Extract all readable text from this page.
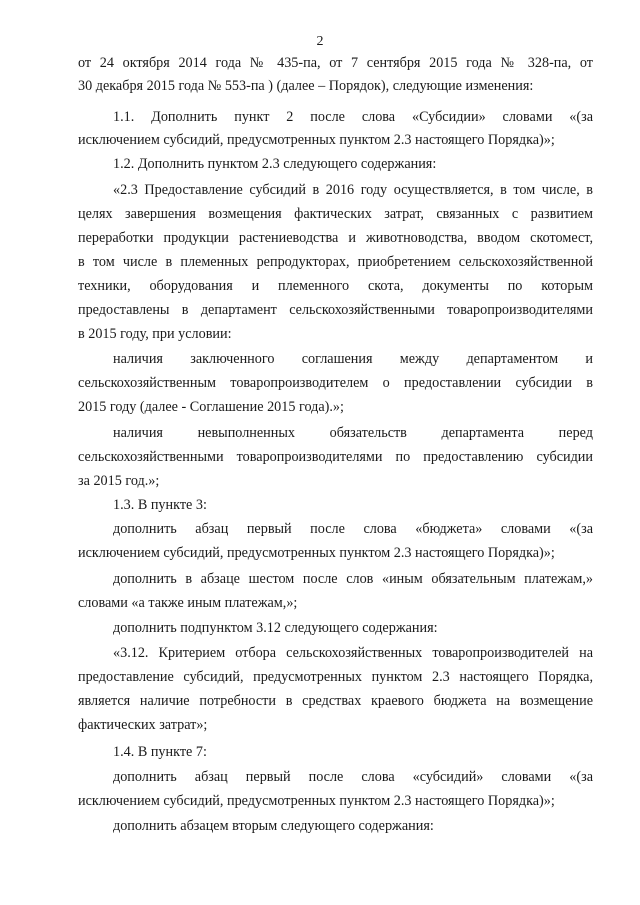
2
от 24 октября 2014 года № 435-па, от 7 сентября 2015 года № 328-па, от
30 декабря 2015 года № 553-па ) (далее – Порядок), следующие изменения:
1.1. Дополнить пункт 2 после слова «Субсидии» словами «(за
исключением субсидий, предусмотренных пунктом 2.3 настоящего Порядка)»;
1.2. Дополнить пунктом 2.3 следующего содержания:
«2.3 Предоставление субсидий в 2016 году осуществляется, в том числе, в
целях завершения возмещения фактических затрат, связанных с развитием
переработки продукции растениеводства и животноводства, вводом скотомест,
в том числе в племенных репродукторах, приобретением сельскохозяйственной
техники, оборудования и племенного скота, документы по которым
предоставлены в департамент сельскохозяйственными товаропроизводителями
в 2015 году, при условии:
наличия заключенного соглашения между департаментом и
сельскохозяйственным товаропроизводителем о предоставлении субсидии в
2015 году (далее - Соглашение 2015 года).»;
наличия невыполненных обязательств департамента перед
сельскохозяйственными товаропроизводителями по предоставлению субсидии
за 2015 год.»;
1.3. В пункте 3:
дополнить абзац первый после слова «бюджета» словами «(за
исключением субсидий, предусмотренных пунктом 2.3 настоящего Порядка)»;
дополнить в абзаце шестом после слов «иным обязательным платежам,»
словами «а также иным платежам,»;
дополнить подпунктом 3.12 следующего содержания:
«3.12. Критерием отбора сельскохозяйственных товаропроизводителей на
предоставление субсидий, предусмотренных пунктом 2.3 настоящего Порядка,
является наличие потребности в средствах краевого бюджета на возмещение
фактических затрат»;
1.4. В пункте 7:
дополнить абзац первый после слова «субсидий» словами «(за
исключением субсидий, предусмотренных пунктом 2.3 настоящего Порядка)»;
дополнить абзацем вторым следующего содержания:
